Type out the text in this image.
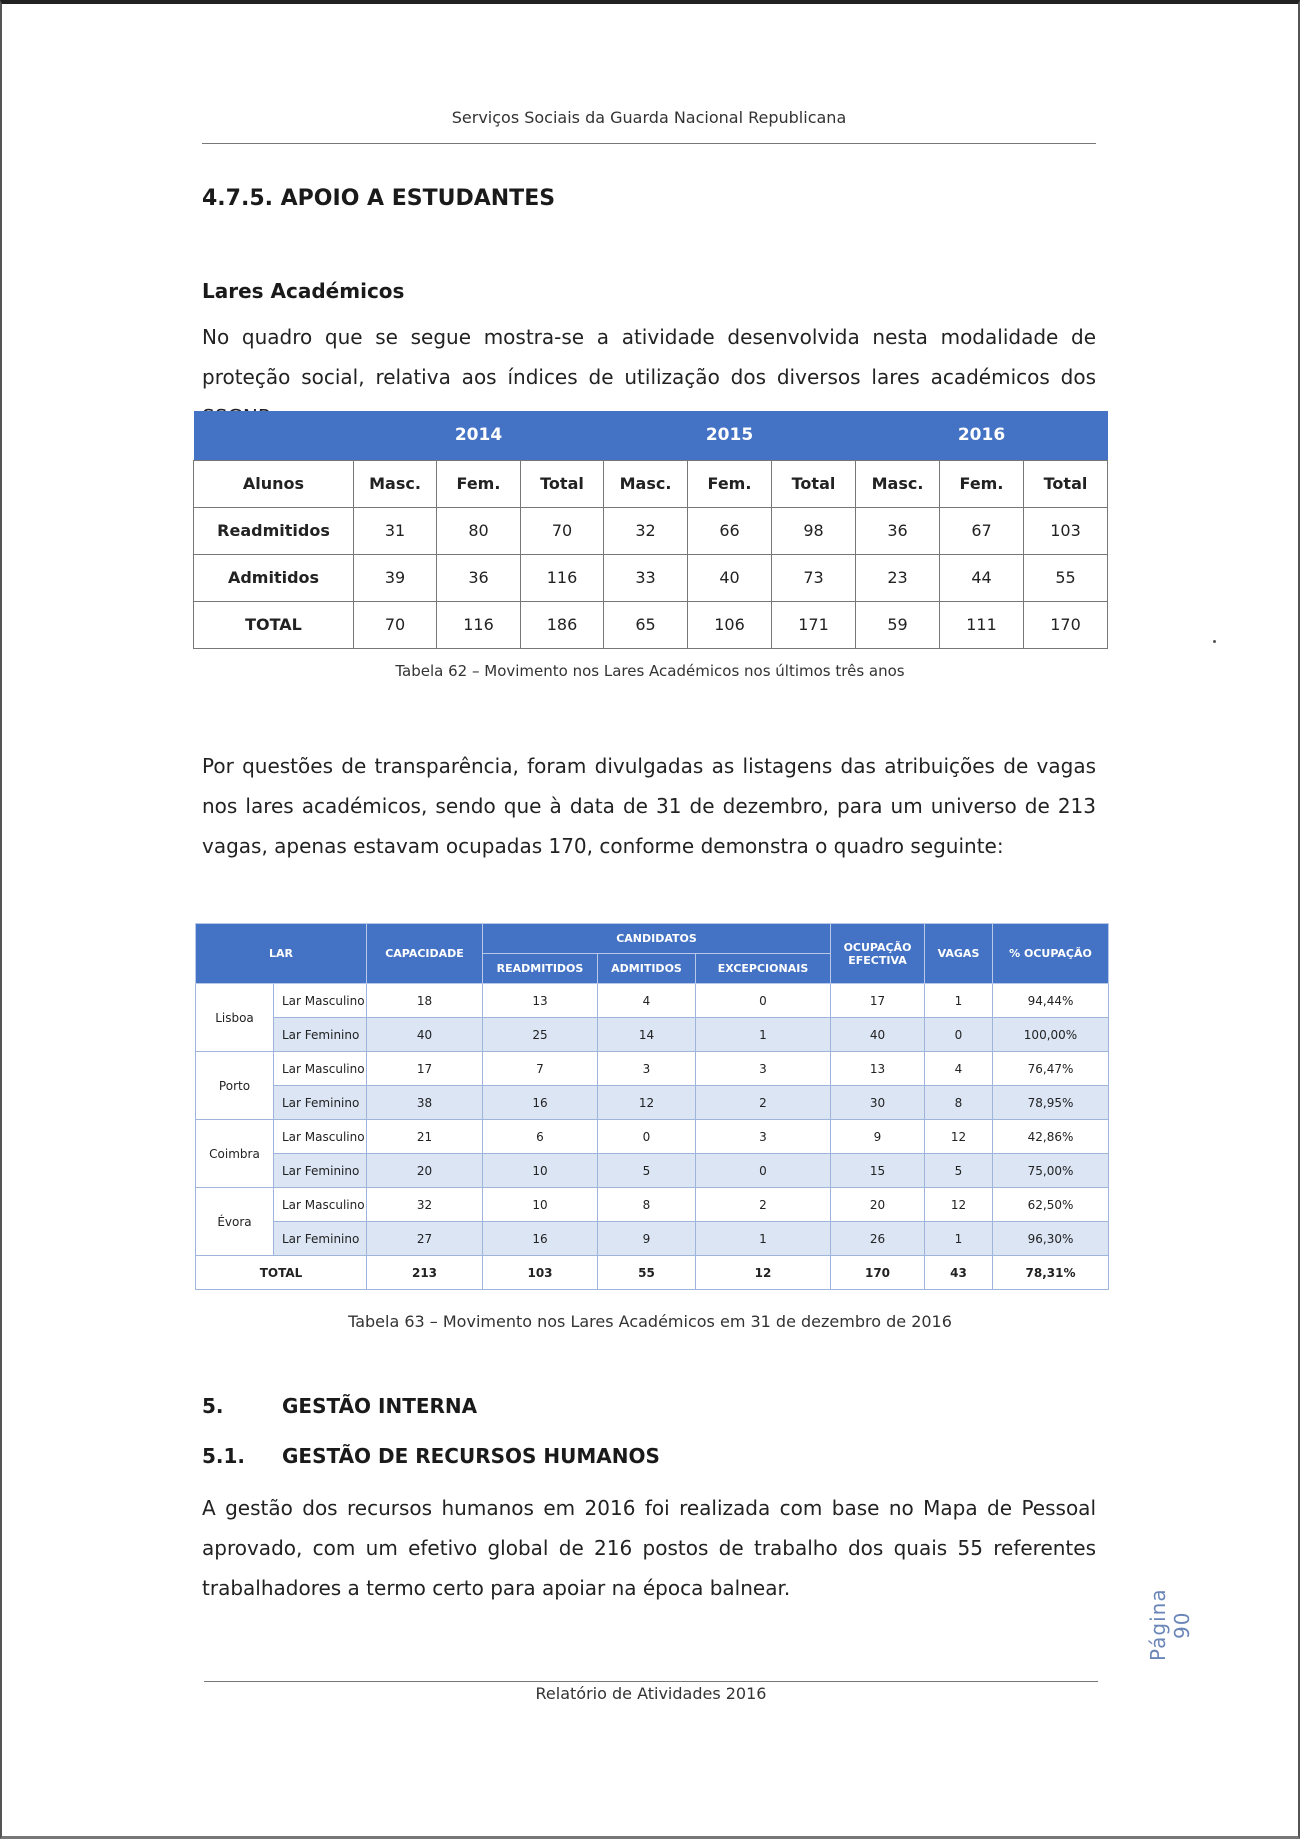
Serviços Sociais da Guarda Nacional Republicana
4.7.5. APOIO A ESTUDANTES
Lares Académicos
No quadro que se segue mostra-se a atividade desenvolvida nesta modalidade de proteção social, relativa aos índices de utilização dos diversos lares académicos dos
	2014			2015			2016		
Alunos	Masc.	Fem.	Total	Masc.	Fem.	Total	Masc.	Fem.	Total
Readmitidos	31	80	70	32	66	98	36	67	103
Admitidos	39	36	116	33	40	73	23	44	55
TOTAL	70	116	186	65	106	171	59	111	170
Tabela 62 – Movimento nos Lares Académicos nos últimos três anos
Por questões de transparência, foram divulgadas as listagens das atribuições de vagas nos lares académicos, sendo que à data de 31 de dezembro, para um universo de 213 vagas, apenas estavam ocupadas 170, conforme demonstra o quadro seguinte:
LAR		CAPACIDADE	CANDIDATOS			OCUPAÇÃO EFECTIVA	VAGAS	% OCUPAÇÃO
			READMITIDOS	ADMITIDOS	EXCEPCIONAIS			
Lisboa	Lar Masculino	18	13	4	0	17	1	94,44%
	Lar Feminino	40	25	14	1	40	0	100,00%
Porto	Lar Masculino	17	7	3	3	13	4	76,47%
	Lar Feminino	38	16	12	2	30	8	78,95%
Coimbra	Lar Masculino	21	6	0	3	9	12	42,86%
	Lar Feminino	20	10	5	0	15	5	75,00%
Évora	Lar Masculino	32	10	8	2	20	12	62,50%
	Lar Feminino	27	16	9	1	26	1	96,30%
TOTAL		213	103	55	12	170	43	78,31%
Tabela 63 – Movimento nos Lares Académicos em 31 de dezembro de 2016
5.	GESTÃO INTERNA
5.1. GESTÃO DE RECURSOS HUMANOS
A gestão dos recursos humanos em 2016 foi realizada com base no Mapa de Pessoal aprovado, com um efetivo global de 216 postos de trabalho dos quais 55 referentes trabalhadores a termo certo para apoiar na época balnear.
Página 90
Relatório de Atividades 2016
